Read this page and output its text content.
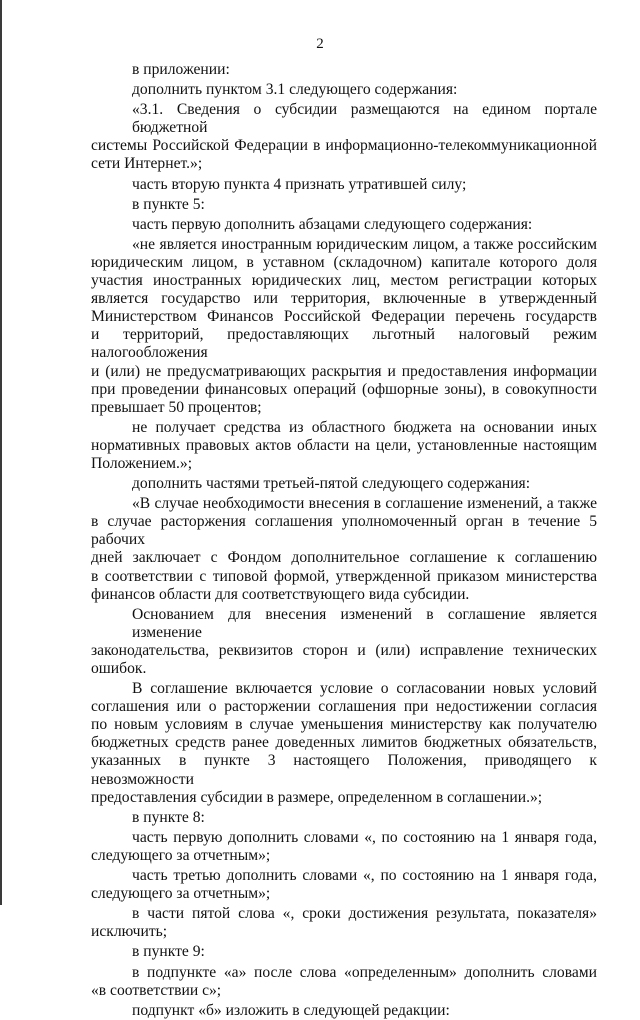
2

в приложении:

дополнить пунктом 3.1 следующего содержания:

«3.1. Сведения о субсидии размещаются на едином портале бюджетной

системы Российской Федерации в информационно-телекоммуникационной

сети Интернет.»;

часть вторую пункта 4 признать утратившей силу;

в пункте 5:

часть первую дополнить абзацами следующего содержания:

«не является иностранным юридическим лицом, а также российским

юридическим лицом, в уставном (складочном) капитале которого доля

участия иностранных юридических лиц, местом регистрации которых

является государство или территория, включенные в утвержденный

Министерством Финансов Российской Федерации перечень государств

и территорий, предоставляющих льготный налоговый режим налогообложения

и (или) не предусматривающих раскрытия и предоставления информации

при проведении финансовых операций (офшорные зоны), в совокупности

превышает 50 процентов;

не получает средства из областного бюджета на основании иных

нормативных правовых актов области на цели, установленные настоящим

Положением.»;

дополнить частями третьей-пятой следующего содержания:

«В случае необходимости внесения в соглашение изменений, а также

в случае расторжения соглашения уполномоченный орган в течение 5 рабочих

дней заключает с Фондом дополнительное соглашение к соглашению

в соответствии с типовой формой, утвержденной приказом министерства

финансов области для соответствующего вида субсидии.

Основанием для внесения изменений в соглашение является изменение

законодательства, реквизитов сторон и (или) исправление технических ошибок.

В соглашение включается условие о согласовании новых условий

соглашения или о расторжении соглашения при недостижении согласия

по новым условиям в случае уменьшения министерству как получателю

бюджетных средств ранее доведенных лимитов бюджетных обязательств,

указанных в пункте 3 настоящего Положения, приводящего к невозможности

предоставления субсидии в размере, определенном в соглашении.»;

в пункте 8:

часть первую дополнить словами «, по состоянию на 1 января года,

следующего за отчетным»;

часть третью дополнить словами «, по состоянию на 1 января года,

следующего за отчетным»;

в части пятой слова «, сроки достижения результата, показателя»

исключить;

в пункте 9:

в подпункте «а» после слова «определенным» дополнить словами

«в соответствии с»;

подпункт «б» изложить в следующей редакции:
